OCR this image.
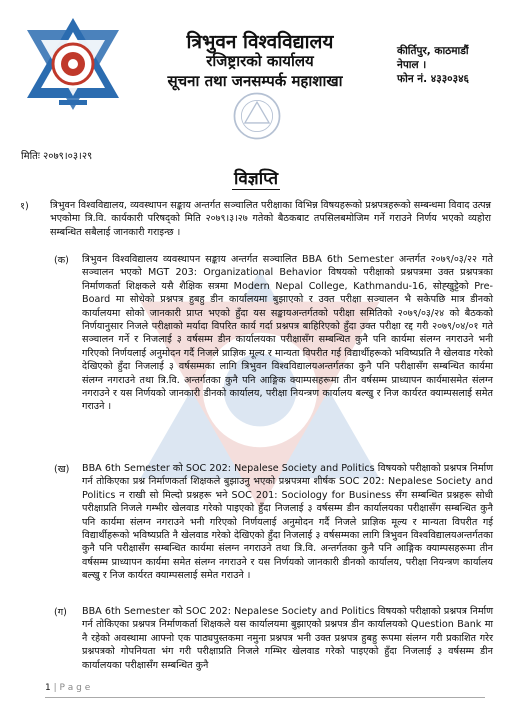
त्रिभुवन विश्वविद्यालय
रजिष्ट्रारको कार्यालय
सूचना तथा जनसम्पर्क महाशाखा
कीर्तिपुर, काठमाडौं
नेपाल ।
फोन नं. ४३३०३४६
मितिः २०७९।०३।२९
विज्ञप्ति
१) त्रिभुवन विश्वविद्यालय, व्यवस्थापन सङ्काय अन्तर्गत सञ्चालित परीक्षाका विभिन्न विषयहरूको प्रश्नपत्रहरूको सम्बन्धमा विवाद उत्पन्न भएकोमा त्रि.वि. कार्यकारी परिषद्को मिति २०७९।३।२७ गतेको बैठकबाट तपसिलबमोजिम गर्ने गराउने निर्णय भएको व्यहोरा सम्बन्धित सबैलाई जानकारी गराइन्छ ।
(क) त्रिभुवन विश्वविद्यालय व्यवस्थापन सङ्काय अन्तर्गत सञ्चालित BBA 6th Semester अन्तर्गत २०७९/०३/२२ गते सञ्चालन भएको MGT 203: Organizational Behavior विषयको परीक्षाको प्रश्नपत्रमा उक्त प्रश्नपत्रका निर्माणकर्ता शिक्षकले यसै शैक्षिक सत्रमा Modern Nepal College, Kathmandu-16, सोह्खुट्टेको Pre-Board मा सोधेको प्रश्नपत्र हुबहु डीन कार्यालयमा बुझाएको र उक्त परीक्षा सञ्चालन भै सकेपछि मात्र डीनको कार्यालयमा सोको जानकारी प्राप्त भएको हुँदा यस सङ्कायअन्तर्गतको परीक्षा समितिको २०७९/०३/२४ को बैठकको निर्णयानुसार निजले परीक्षाको मर्यादा विपरित कार्य गर्दा प्रश्नपत्र बाहिरिएको हुँदा उक्त परीक्षा रद्द गरी २०७९/०४/०१ गते सञ्चालन गर्ने र निजलाई ३ वर्षसम्म डीन कार्यालयका परीक्षासँग सम्बन्धित कुनै पनि कार्यमा संलग्न नगराउने भनी गरिएको निर्णयलाई अनुमोदन गर्दै निजले प्राज्ञिक मूल्य र मान्यता विपरीत गई विद्यार्थीहरूको भविष्यप्रति नै खेलवाड गरेको देखिएको हुँदा निजलाई ३ वर्षसम्मका लागि त्रिभुवन विश्वविद्यालयअन्तर्गतका कुनै पनि परीक्षासँग सम्बन्धित कार्यमा संलग्न नगराउने तथा त्रि.वि. अन्तर्गतका कुनै पनि आङ्गिक क्याम्पसहरूमा तीन वर्षसम्म प्राध्यापन कार्यमासमेत संलग्न नगराउने र यस निर्णयको जानकारी डीनको कार्यालय, परीक्षा नियन्त्रण कार्यालय बल्खु र निज कार्यरत क्याम्पसलाई समेत गराउने ।
(ख) BBA 6th Semester को SOC 202: Nepalese Society and Politics विषयको परीक्षाको प्रश्नपत्र निर्माण गर्न तोकिएका प्रश्न निर्माणकर्ता शिक्षकले बुझाउनु भएको प्रश्नपत्रमा शीर्षक SOC 202: Nepalese Society and Politics न राखी सो मिल्दो प्रश्नहरू भने SOC 201: Sociology for Business सँग सम्बन्धित प्रश्नहरू सोधी परीक्षाप्रति निजले गम्भीर खेलवाड गरेको पाइएको हुँदा निजलाई ३ वर्षसम्म डीन कार्यालयका परीक्षासँग सम्बन्धित कुनै पनि कार्यमा संलग्न नगराउने भनी गरिएको निर्णयलाई अनुमोदन गर्दै निजले प्राज्ञिक मूल्य र मान्यता विपरीत गई विद्यार्थीहरूको भविष्यप्रति नै खेलवाड गरेको देखिएको हुँदा निजलाई ३ वर्षसम्मका लागि त्रिभुवन विश्वविद्यालयअन्तर्गतका कुनै पनि परीक्षासँग सम्बन्धित कार्यमा संलग्न नगराउने तथा त्रि.वि. अन्तर्गतका कुनै पनि आङ्गिक क्याम्पसहरूमा तीन वर्षसम्म प्राध्यापन कार्यमा समेत संलग्न नगराउने र यस निर्णयको जानकारी डीनको कार्यालय, परीक्षा नियन्त्रण कार्यालय बल्खु र निज कार्यरत क्याम्पसलाई समेत गराउने ।
(ग) BBA 6th Semester को SOC 202: Nepalese Society and Politics विषयको परीक्षाको प्रश्नपत्र निर्माण गर्न तोकिएका प्रश्नपत्र निर्माणकर्ता शिक्षकले यस कार्यालयमा बुझाएको प्रश्नपत्र डीन कार्यालयको Question Bank मा नै रहेको अवस्थामा आफ्नो एक पाठ्यपुस्तकमा नमुना प्रश्नपत्र भनी उक्त प्रश्नपत्र हुबहु रूपमा संलग्न गरी प्रकाशित गरेर प्रश्नपत्रको गोपनियता भंग गरी परीक्षाप्रति निजले गम्भिर खेलवाड गरेको पाइएको हुँदा निजलाई ३ वर्षसम्म डीन कार्यालयका परीक्षासँग सम्बन्धित कुनै
1 | P a g e
